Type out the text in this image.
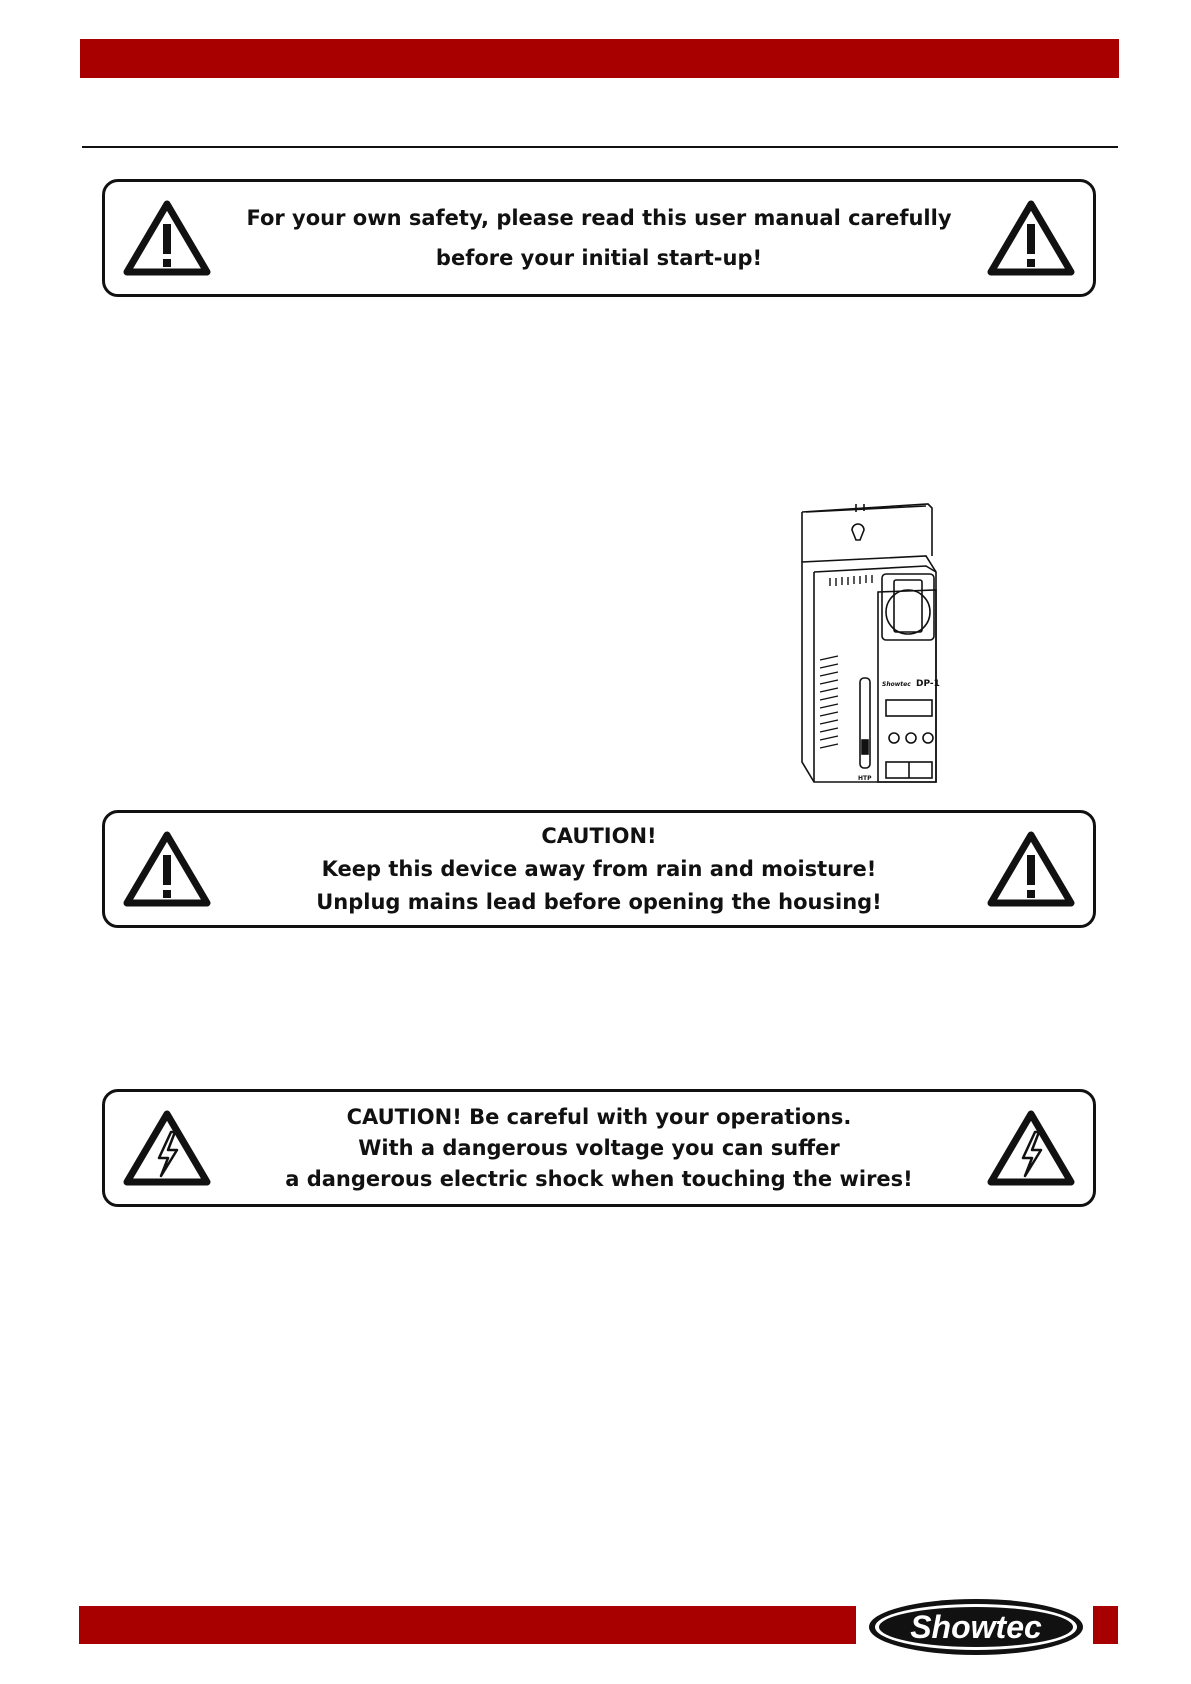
For your own safety, please read this user manual carefully
before your initial start-up!
Showtec DP-1
HTP
CAUTION!
Keep this device away from rain and moisture!
Unplug mains lead before opening the housing!
CAUTION! Be careful with your operations.
With a dangerous voltage you can suffer
a dangerous electric shock when touching the wires!
Showtec
